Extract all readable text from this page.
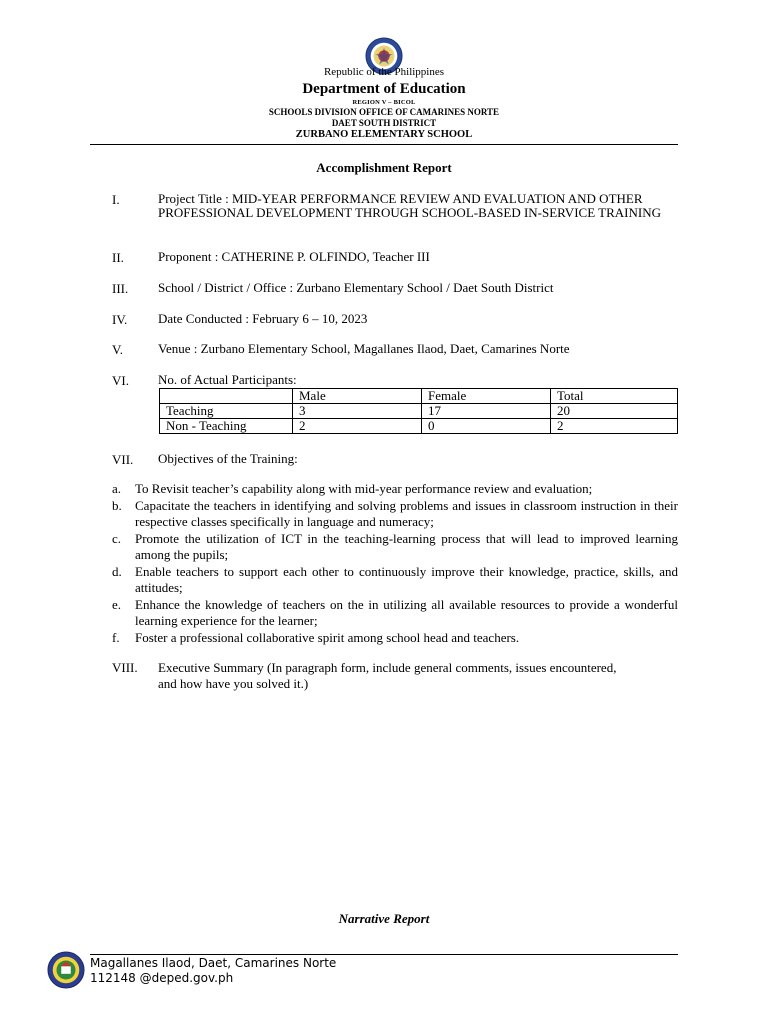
Republic of the Philippines
Department of Education
REGION V – BICOL
SCHOOLS DIVISION OFFICE OF CAMARINES NORTE
DAET SOUTH DISTRICT
ZURBANO ELEMENTARY SCHOOL
Accomplishment Report
I.	Project Title : MID-YEAR PERFORMANCE REVIEW AND EVALUATION AND OTHER PROFESSIONAL DEVELOPMENT THROUGH SCHOOL-BASED IN-SERVICE TRAINING
II.	Proponent : CATHERINE P. OLFINDO, Teacher III
III. School / District / Office : Zurbano Elementary School / Daet South District
IV. Date Conducted : February 6 – 10, 2023
V.	Venue : Zurbano Elementary School, Magallanes Ilaod, Daet, Camarines Norte
VI. No. of Actual Participants:
	Male	Female	Total
Teaching	3	17	20
Non - Teaching	2	0	2
VII. Objectives of the Training:
a.	To Revisit teacher’s capability along with mid-year performance review and evaluation;
b.	Capacitate the teachers in identifying and solving problems and issues in classroom instruction in their respective classes specifically in language and numeracy;
c.	Promote the utilization of ICT in the teaching-learning process that will lead to improved learning among the pupils;
d.	Enable teachers to support each other to continuously improve their knowledge, practice, skills, and attitudes;
e.	Enhance the knowledge of teachers on the in utilizing all available resources to provide a wonderful learning experience for the learner;
f.	Foster a professional collaborative spirit among school head and teachers.
VIII. Executive Summary (In paragraph form, include general comments, issues encountered, and how have you solved it.)
Narrative Report
Magallanes Ilaod, Daet, Camarines Norte
112148 @deped.gov.ph
